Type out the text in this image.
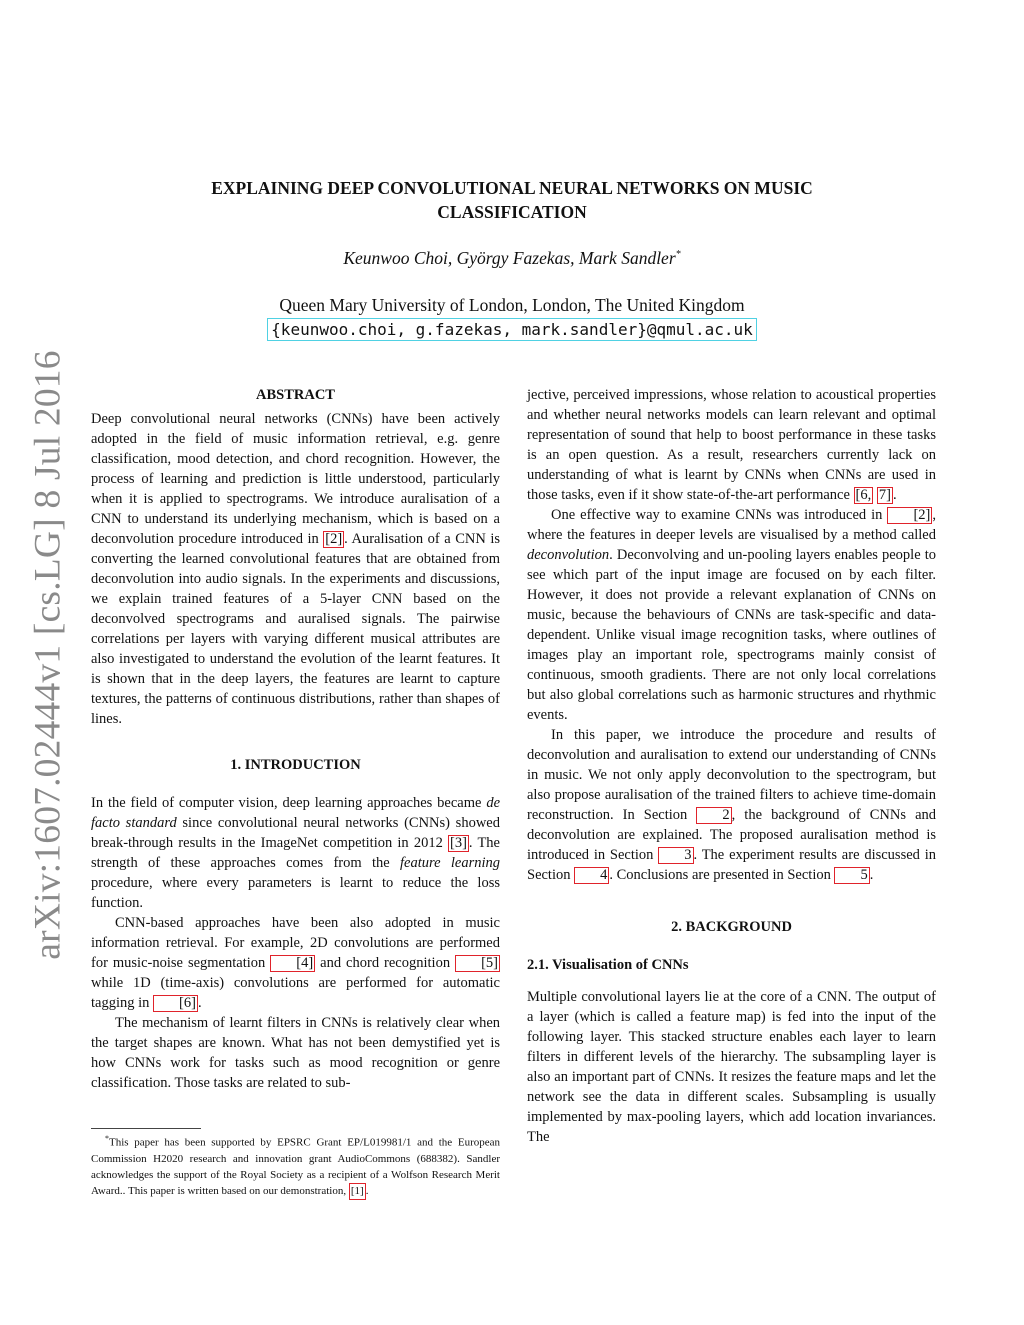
arXiv:1607.02444v1 [cs.LG] 8 Jul 2016
EXPLAINING DEEP CONVOLUTIONAL NEURAL NETWORKS ON MUSIC
CLASSIFICATION
Keunwoo Choi, György Fazekas, Mark Sandler*
Queen Mary University of London, London, The United Kingdom
{keunwoo.choi, g.fazekas, mark.sandler}@qmul.ac.uk
ABSTRACT

Deep convolutional neural networks (CNNs) have been actively adopted in the field of music information retrieval, e.g. genre classification, mood detection, and chord recognition. However, the process of learning and prediction is little understood, particularly when it is applied to spectrograms. We introduce auralisation of a CNN to understand its underlying mechanism, which is based on a deconvolution procedure introduced in [2] . Auralisation of a CNN is converting the learned convolutional features that are obtained from deconvolution into audio signals. In the experiments and discussions, we explain trained features of a 5-layer CNN based on the deconvolved spectrograms and auralised signals. The pairwise correlations per layers with varying different musical attributes are also investigated to understand the evolution of the learnt features. It is shown that in the deep layers, the features are learnt to capture textures, the patterns of continuous distributions, rather than shapes of lines.

1. INTRODUCTION

In the field of computer vision, deep learning approaches became de facto standard since convolutional neural networks (CNNs) showed break-through results in the ImageNet competition in 2012 [3] . The strength of these approaches comes from the feature learning procedure, where every parameters is learnt to reduce the loss function.

CNN-based approaches have been also adopted in music information retrieval. For example, 2D convolutions are performed for music-noise segmentation [4] and chord recognition [5] while 1D (time-axis) convolutions are performed for automatic tagging in [6] .

The mechanism of learnt filters in CNNs is relatively clear when the target shapes are known. What has not been demystified yet is how CNNs work for tasks such as mood recognition or genre classification. Those tasks are related to sub-

*This paper has been supported by EPSRC Grant EP/L019981/1 and the European Commission H2020 research and innovation grant AudioCommons (688382). Sandler acknowledges the support of the Royal Society as a recipient of a Wolfson Research Merit Award.. This paper is written based on our demonstration, [1] .

jective, perceived impressions, whose relation to acoustical properties and whether neural networks models can learn relevant and optimal representation of sound that help to boost performance in these tasks is an open question. As a result, researchers currently lack on understanding of what is learnt by CNNs when CNNs are used in those tasks, even if it show state-of-the-art performance [6, 7] .

One effective way to examine CNNs was introduced in [2] , where the features in deeper levels are visualised by a method called deconvolution. Deconvolving and un-pooling layers enables people to see which part of the input image are focused on by each filter. However, it does not provide a relevant explanation of CNNs on music, because the behaviours of CNNs are task-specific and data-dependent. Unlike visual image recognition tasks, where outlines of images play an important role, spectrograms mainly consist of continuous, smooth gradients. There are not only local correlations but also global correlations such as harmonic structures and rhythmic events.

In this paper, we introduce the procedure and results of deconvolution and auralisation to extend our understanding of CNNs in music. We not only apply deconvolution to the spectrogram, but also propose auralisation of the trained filters to achieve time-domain reconstruction. In Section 2 , the background of CNNs and deconvolution are explained. The proposed auralisation method is introduced in Section 3 . The experiment results are discussed in Section 4 . Conclusions are presented in Section 5 .

2. BACKGROUND
2.1. Visualisation of CNNs

Multiple convolutional layers lie at the core of a CNN. The output of a layer (which is called a feature map) is fed into the input of the following layer. This stacked structure enables each layer to learn filters in different levels of the hierarchy. The subsampling layer is also an important part of CNNs. It resizes the feature maps and let the network see the data in different scales. Subsampling is usually implemented by max-pooling layers, which add location invariances. The
